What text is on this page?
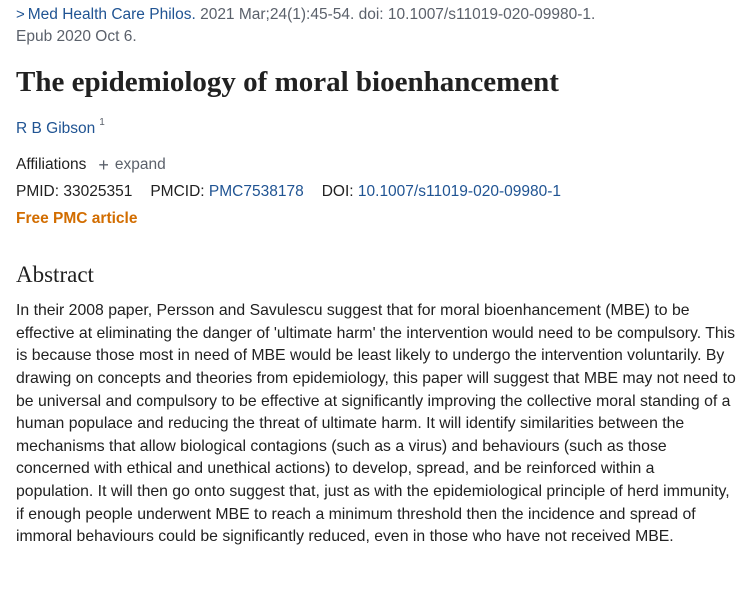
> Med Health Care Philos. 2021 Mar;24(1):45-54. doi: 10.1007/s11019-020-09980-1.
Epub 2020 Oct 6.
The epidemiology of moral bioenhancement
R B Gibson $^1$
Affiliations + expand
PMID: 33025351 PMCID: PMC7538178 DOI: 10.1007/s11019-020-09980-1
Free PMC article
Abstract

In their 2008 paper, Persson and Savulescu suggest that for moral bioenhancement (MBE) to be effective at eliminating the danger of 'ultimate harm' the intervention would need to be compulsory. This is because those most in need of MBE would be least likely to undergo the intervention voluntarily. By drawing on concepts and theories from epidemiology, this paper will suggest that MBE may not need to be universal and compulsory to be effective at significantly improving the collective moral standing of a human populace and reducing the threat of ultimate harm. It will identify similarities between the mechanisms that allow biological contagions (such as a virus) and behaviours (such as those concerned with ethical and unethical actions) to develop, spread, and be reinforced within a population. It will then go onto suggest that, just as with the epidemiological principle of herd immunity, if enough people underwent MBE to reach a minimum threshold then the incidence and spread of immoral behaviours could be significantly reduced, even in those who have not received MBE.
